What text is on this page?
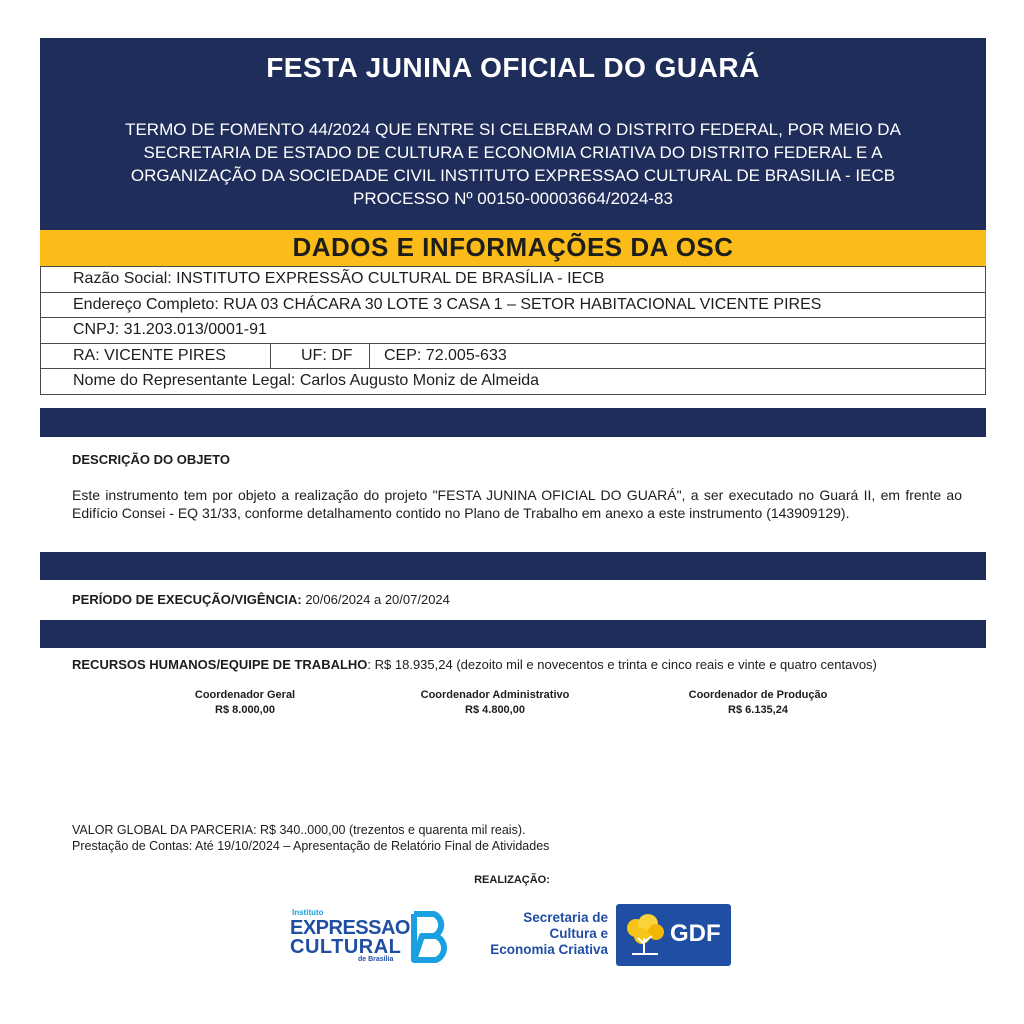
FESTA JUNINA OFICIAL DO GUARÁ
TERMO DE FOMENTO 44/2024 QUE ENTRE SI CELEBRAM O DISTRITO FEDERAL, POR MEIO DA
SECRETARIA DE ESTADO DE CULTURA E ECONOMIA CRIATIVA DO DISTRITO FEDERAL E A
ORGANIZAÇÃO DA SOCIEDADE CIVIL INSTITUTO EXPRESSAO CULTURAL DE BRASILIA - IECB
PROCESSO Nº 00150-00003664/2024-83
DADOS E INFORMAÇÕES DA OSC
Razão Social: INSTITUTO EXPRESSÃO CULTURAL DE BRASÍLIA - IECB
Endereço Completo: RUA 03 CHÁCARA 30 LOTE 3 CASA 1 – SETOR HABITACIONAL VICENTE PIRES
CNPJ: 31.203.013/0001-91
RA: VICENTE PIRES	UF: DF	CEP: 72.005-633
Nome do Representante Legal: Carlos Augusto Moniz de Almeida
DESCRIÇÃO DO OBJETO
Este instrumento tem por objeto a realização do projeto "FESTA JUNINA OFICIAL DO GUARÁ", a ser executado no Guará II, em frente ao Edifício Consei - EQ 31/33, conforme detalhamento contido no Plano de Trabalho em anexo a este instrumento (143909129).
PERÍODO DE EXECUÇÃO/VIGÊNCIA: 20/06/2024 a 20/07/2024
RECURSOS HUMANOS/EQUIPE DE TRABALHO: R$ 18.935,24 (dezoito mil e novecentos e trinta e cinco reais e vinte e quatro centavos)
Coordenador Geral
R$ 8.000,00
Coordenador Administrativo
R$ 4.800,00
Coordenador de Produção
R$ 6.135,24
VALOR GLOBAL DA PARCERIA: R$ 340..000,00 (trezentos e quarenta mil reais).
Prestação de Contas: Até 19/10/2024 – Apresentação de Relatório Final de Atividades
REALIZAÇÃO:
Instituto
EXPRESSAO
CULTURAL
de Brasília
Secretaria de
Cultura e
Economia Criativa
GDF
